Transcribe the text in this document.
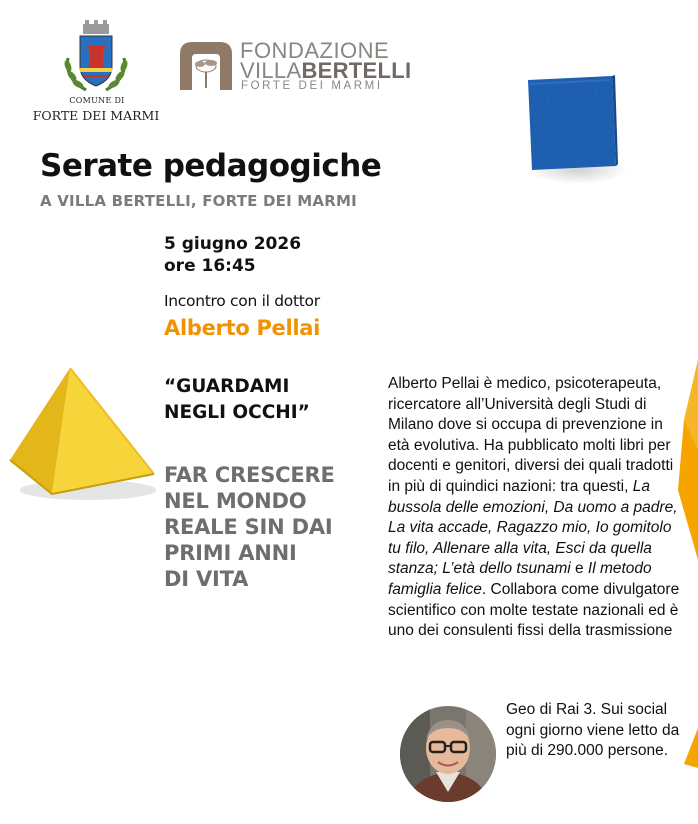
COMUNE DI
FORTE DEI MARMI
FONDAZIONE
VILLABERTELLI
FORTE DEI MARMI
Serate pedagogiche
A VILLA BERTELLI, FORTE DEI MARMI
5 giugno 2026
ore 16:45
Incontro con il dottor
Alberto Pellai
“GUARDAMI
NEGLI OCCHI”
FAR CRESCERE
NEL MONDO
REALE SIN DAI
PRIMI ANNI
DI VITA
Alberto Pellai è medico, psicoterapeuta, ricercatore all’Università degli Studi di Milano dove si occupa di prevenzione in età evolutiva. Ha pubblicato molti libri per docenti e genitori, diversi dei quali tradotti in più di quindici nazioni: tra questi, La bussola delle emozioni, Da uomo a padre, La vita accade, Ragazzo mio, Io gomitolo tu filo, Allenare alla vita, Esci da quella stanza; L’età dello tsunami e Il metodo famiglia felice. Collabora come divulgatore scientifico con molte testate nazionali ed è uno dei consulenti fissi della trasmissione
Geo di Rai 3. Sui social ogni giorno viene letto da più di 290.000 persone.
